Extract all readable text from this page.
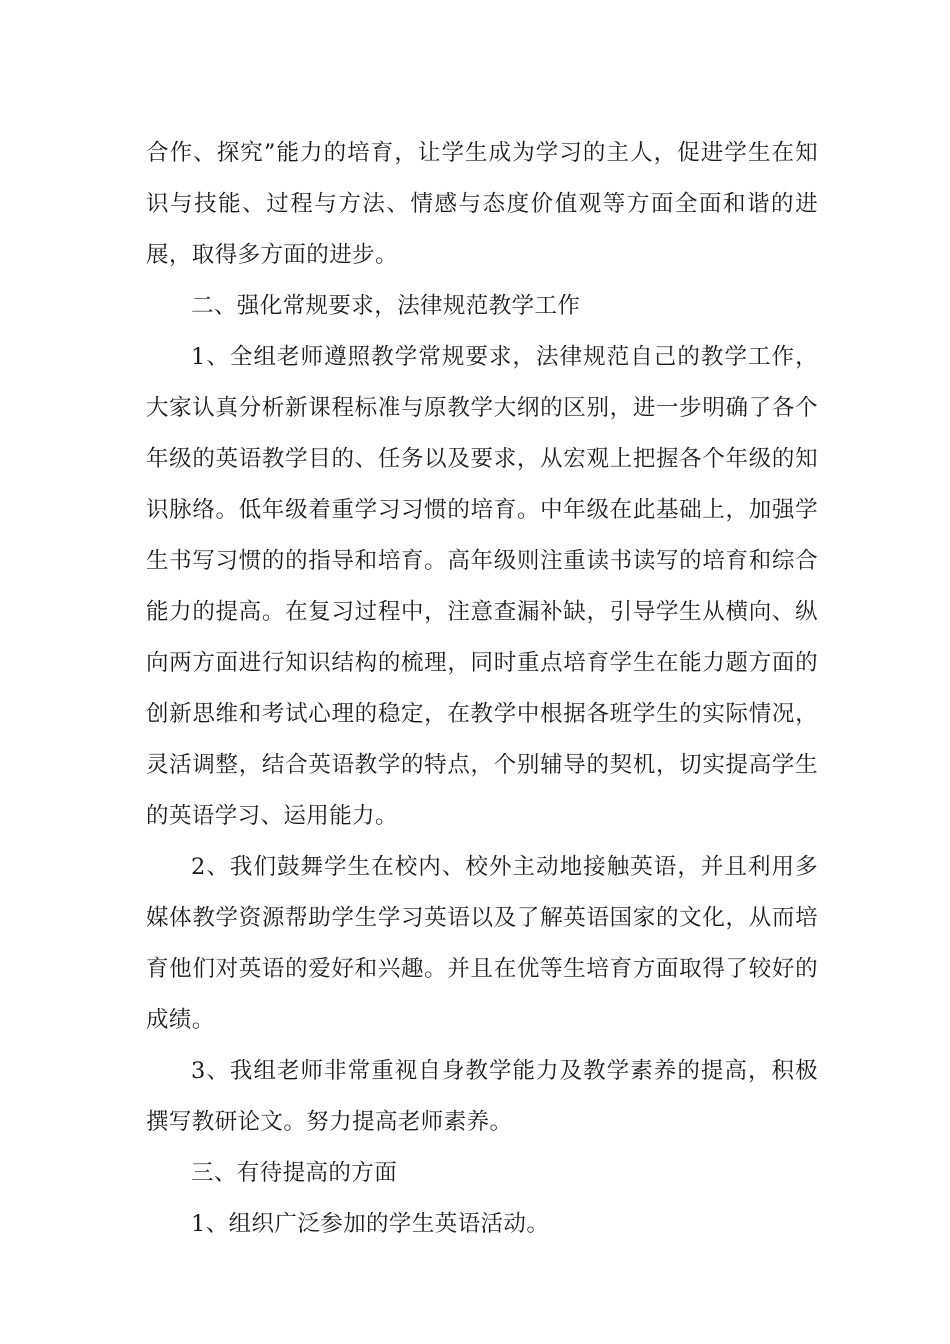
合作、探究”能力的培育，让学生成为学习的主人，促进学生在知识与技能、过程与方法、情感与态度价值观等方面全面和谐的进展，取得多方面的进步。

二、强化常规要求，法律规范教学工作

1、全组老师遵照教学常规要求，法律规范自己的教学工作，大家认真分析新课程标准与原教学大纲的区别，进一步明确了各个年级的英语教学目的、任务以及要求，从宏观上把握各个年级的知识脉络。低年级着重学习习惯的培育。中年级在此基础上，加强学生书写习惯的的指导和培育。高年级则注重读书读写的培育和综合能力的提高。在复习过程中，注意查漏补缺，引导学生从横向、纵向两方面进行知识结构的梳理，同时重点培育学生在能力题方面的创新思维和考试心理的稳定，在教学中根据各班学生的实际情况，灵活调整，结合英语教学的特点，个别辅导的契机，切实提高学生的英语学习、运用能力。

2、我们鼓舞学生在校内、校外主动地接触英语，并且利用多媒体教学资源帮助学生学习英语以及了解英语国家的文化，从而培育他们对英语的爱好和兴趣。并且在优等生培育方面取得了较好的成绩。

3、我组老师非常重视自身教学能力及教学素养的提高，积极撰写教研论文。努力提高老师素养。

三、有待提高的方面

1、组织广泛参加的学生英语活动。
